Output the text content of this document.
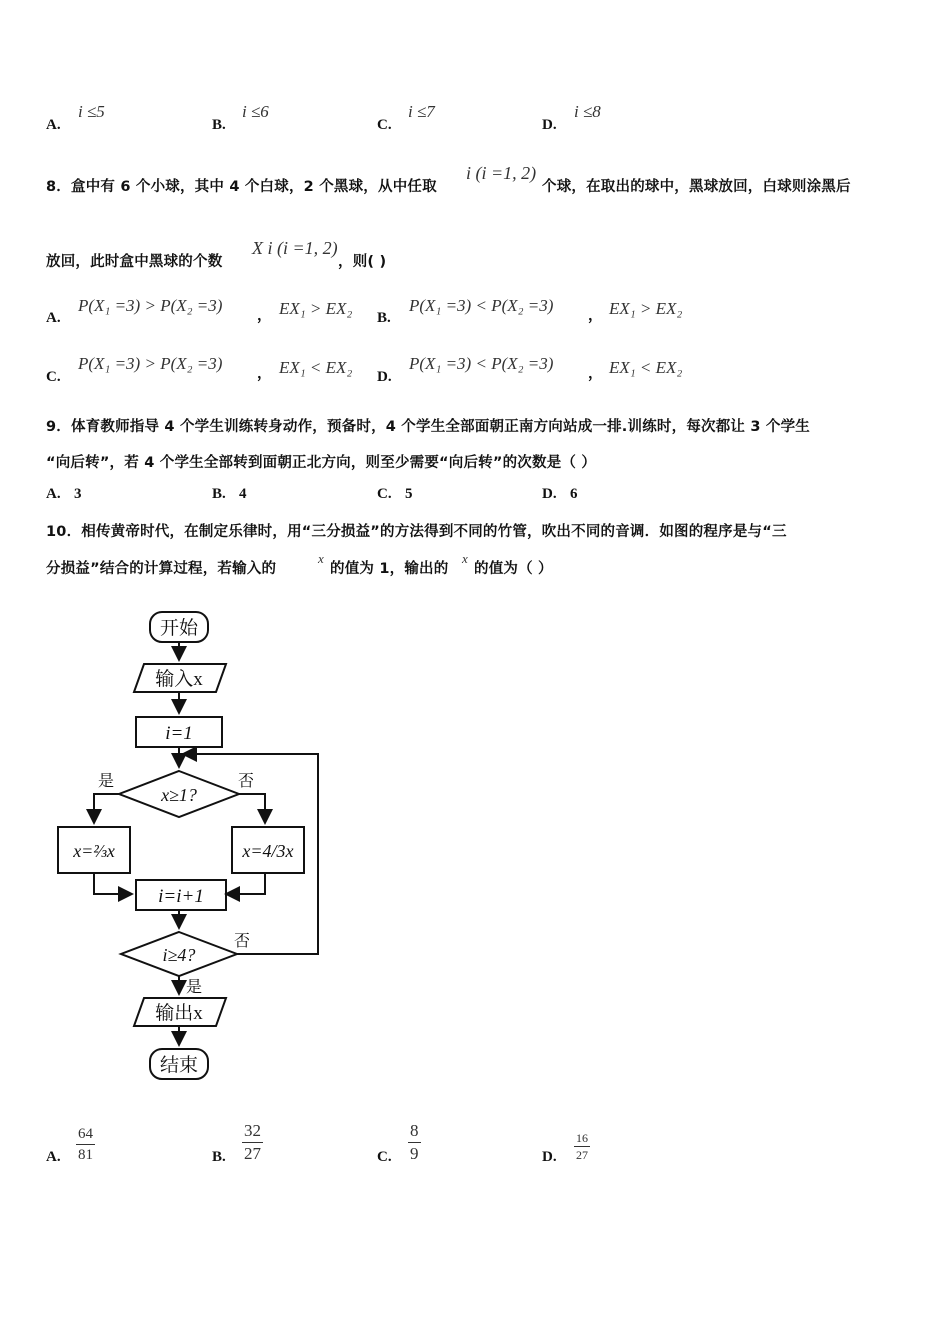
A.
i ≤5
B.
i ≤6
C.
i ≤7
D.
i ≤8
8．盒中有 6 个小球，其中 4 个白球，2 个黑球，从中任取
i (i =1, 2)
个球，在取出的球中，黑球放回，白球则涂黑后
放回，此时盒中黑球的个数
X i (i =1, 2)
，则( )
A.
P(X₁ =3) > P(X₂ =3)
， EX₁ > EX₂ B.
P(X₁ =3) < P(X₂ =3)
， EX₁ > EX₂
C.
P(X₁ =3) > P(X₂ =3)
， EX₁ < EX₂ D.
P(X₁ =3) < P(X₂ =3)
， EX₁ < EX₂
9．体育教师指导 4 个学生训练转身动作，预备时，4 个学生全部面朝正南方向站成一排.训练时，每次都让 3 个学生
“向后转”，若 4 个学生全部转到面朝正北方向，则至少需要“向后转”的次数是（ ）
A. 3	B. 4	C. 5	D. 6
10．相传黄帝时代，在制定乐律时，用“三分损益”的方法得到不同的竹管，吹出不同的音调．如图的程序是与“三
分损益”结合的计算过程，若输入的
x
的值为 1，输出的
x
的值为（ ）
开始
输入x
i=1
x≥1?
是	否
x=⅔x	x=4/3x
i=i+1
i≥4?
否
是
输出x
结束
A. $\frac{64}{81}$	B. $\frac{32}{27}$	C. $\frac{8}{9}$	D. $\frac{16}{27}$
